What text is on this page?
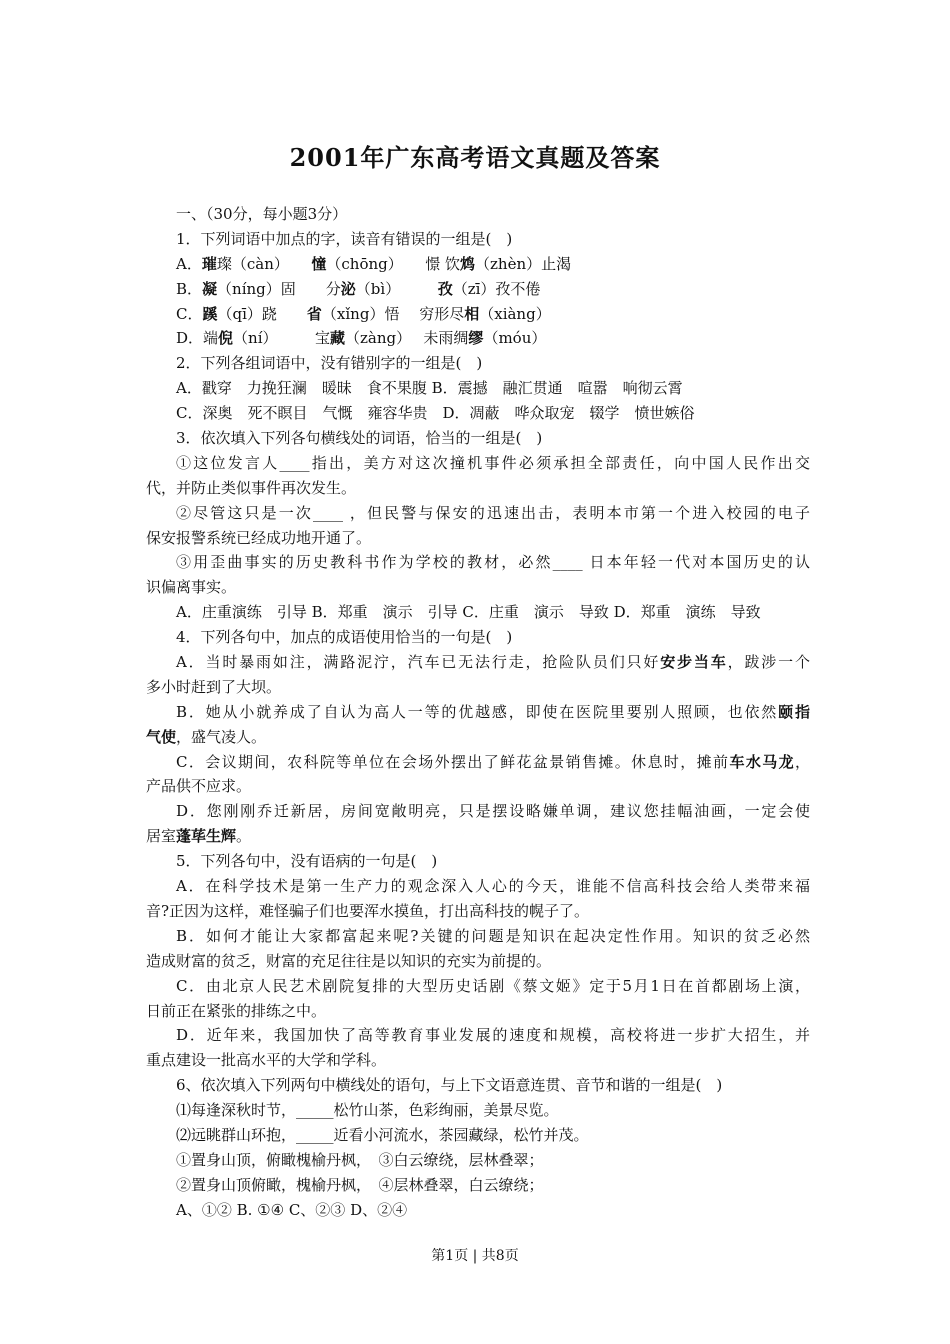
2001年广东高考语文真题及答案
一、（30分，每小题3分）
1．下列词语中加点的字，读音有错误的一组是(　)
A．璀璨（càn）　　憧（chōng）　　憬 饮鸩（zhèn）止渴
B．凝（níng）固　　分泌（bì）　　　孜（zī）孜不倦
C．蹊（qī）跷　　省（xǐng）悟　 穷形尽相（xiàng）
D．端倪（ní）　　　宝藏（zàng）　 未雨绸缪（móu）
2．下列各组词语中，没有错别字的一组是(　)
A．戳穿　力挽狂澜　暖昧　食不果腹 B．震撼　融汇贯通　喧嚣　响彻云霄
C．深奥　死不瞑目　气慨　雍容华贵　D．凋蔽　哗众取宠　辍学　愤世嫉俗
3．依次填入下列各句横线处的词语，恰当的一组是(　)
①这位发言人____指出，美方对这次撞机事件必须承担全部责任，向中国人民作出交
代，并防止类似事件再次发生。
②尽管这只是一次____ ，但民警与保安的迅速出击，表明本市第一个进入校园的电子
保安报警系统已经成功地开通了。
③用歪曲事实的历史教科书作为学校的教材，必然____ 日本年轻一代对本国历史的认
识偏离事实。
A．庄重演练　引导 B．郑重　演示　引导 C．庄重　演示　导致 D．郑重　演练　导致
4．下列各句中，加点的成语使用恰当的一句是(　)
A．当时暴雨如注，满路泥泞，汽车已无法行走，抢险队员们只好安步当车，跋涉一个
多小时赶到了大坝。
B．她从小就养成了自认为高人一等的优越感，即使在医院里要别人照顾，也依然颐指
气使，盛气凌人。
C．会议期间，农科院等单位在会场外摆出了鲜花盆景销售摊。休息时，摊前车水马龙，
产品供不应求。
D．您刚刚乔迁新居，房间宽敞明亮，只是摆设略嫌单调，建议您挂幅油画，一定会使
居室蓬荜生辉。
5．下列各句中，没有语病的一句是(　)
A．在科学技术是第一生产力的观念深入人心的今天，谁能不信高科技会给人类带来福
音?正因为这样，难怪骗子们也要浑水摸鱼，打出高科技的幌子了。
B．如何才能让大家都富起来呢?关键的问题是知识在起决定性作用。知识的贫乏必然
造成财富的贫乏，财富的充足往往是以知识的充实为前提的。
C．由北京人民艺术剧院复排的大型历史话剧《蔡文姬》定于5月1日在首都剧场上演，
日前正在紧张的排练之中。
D．近年来，我国加快了高等教育事业发展的速度和规模，高校将进一步扩大招生，并
重点建设一批高水平的大学和学科。
6、依次填入下列两句中横线处的语句，与上下文语意连贯、音节和谐的一组是(　)
⑴每逢深秋时节，_____松竹山茶，色彩绚丽，美景尽览。
⑵远眺群山环抱，_____近看小河流水，茶园藏绿，松竹并茂。
①置身山顶，俯瞰槐榆丹枫，　③白云缭绕，层林叠翠；
②置身山顶俯瞰，槐榆丹枫，　④层林叠翠，白云缭绕；
A、①② B. ①④ C、②③ D、②④
第1页 | 共8页
